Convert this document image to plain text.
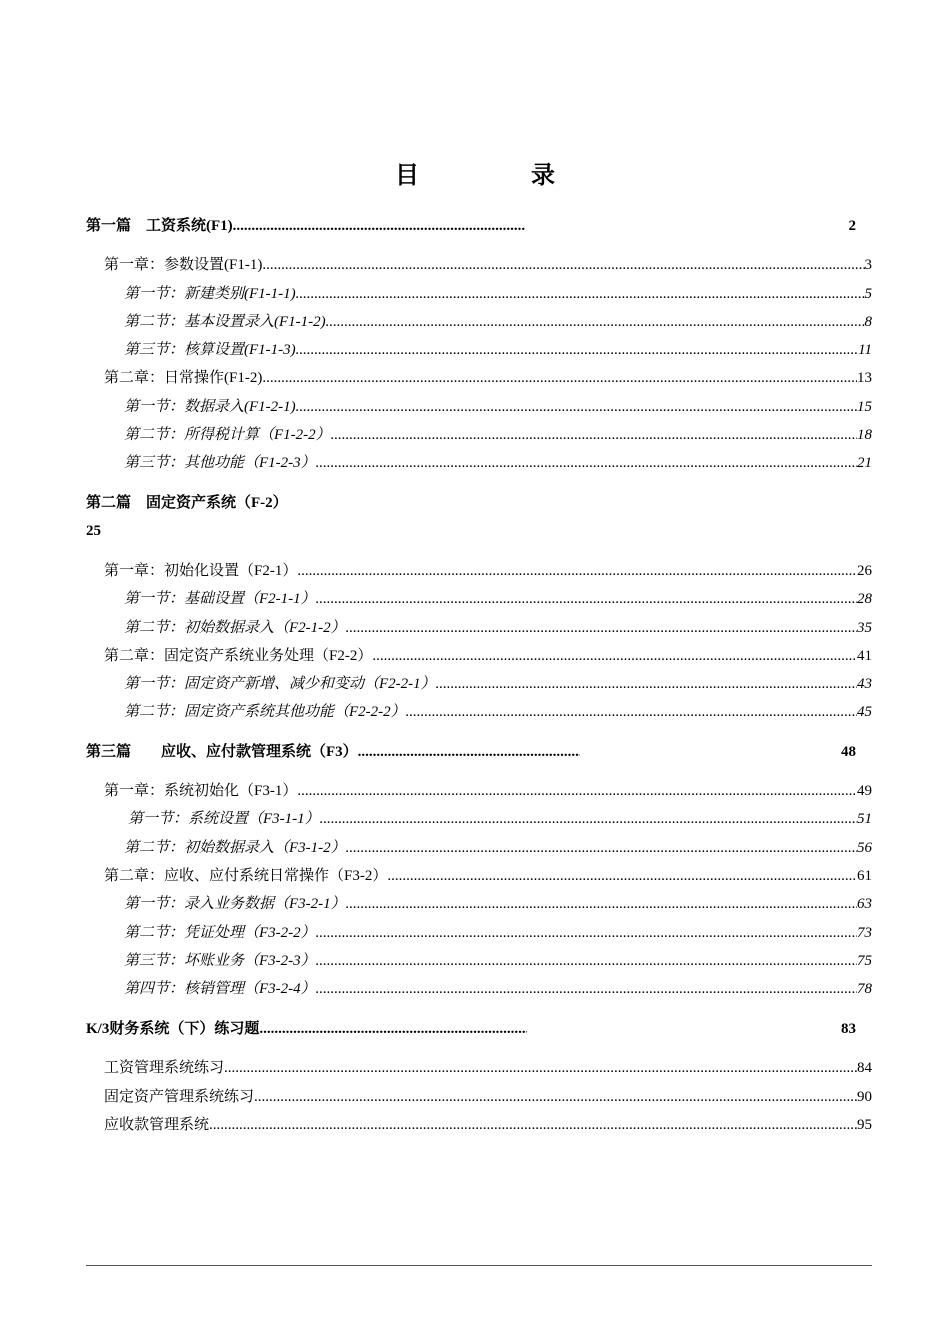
目	录
第一篇　工资系统(F1) .....	2
第一章：参数设置(F1-1) .....	3
第一节：新建类别(F1-1-1) .....	5
第二节：基本设置录入(F1-1-2) .....	8
第三节：核算设置(F1-1-3) .....	11
第二章：日常操作(F1-2) .....	13
第一节：数据录入(F1-2-1) .....	15
第二节：所得税计算（F1-2-2） .....	18
第三节：其他功能（F1-2-3） .....	21
第二篇　固定资产系统（F-2）
25
第一章：初始化设置（F2-1） .....	26
第一节：基础设置（F2-1-1） .....	28
第二节：初始数据录入（F2-1-2） .....	35
第二章：固定资产系统业务处理（F2-2） .....	41
第一节：固定资产新增、减少和变动（F2-2-1） .....	43
第二节：固定资产系统其他功能（F2-2-2） .....	45
第三篇　　应收、应付款管理系统（F3） .....	48
第一章：系统初始化（F3-1） .....	49
第一节：系统设置（F3-1-1） .....	51
第二节：初始数据录入（F3-1-2） .....	56
第二章：应收、应付系统日常操作（F3-2） .....	61
第一节：录入业务数据（F3-2-1） .....	63
第二节：凭证处理（F3-2-2） .....	73
第三节：坏账业务（F3-2-3） .....	75
第四节：核销管理（F3-2-4） .....	78
K/3财务系统（下）练习题 .....	83
工资管理系统练习 .....	84
固定资产管理系统练习 .....	90
应收款管理系统 .....	95
